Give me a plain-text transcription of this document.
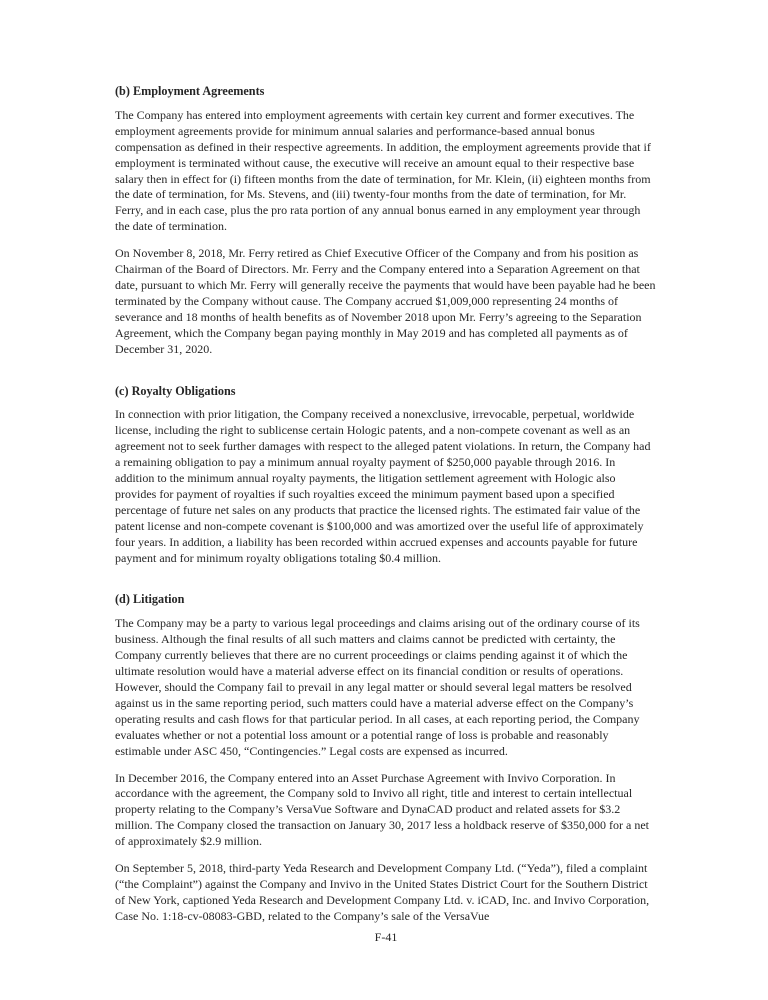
(b) Employment Agreements

The Company has entered into employment agreements with certain key current and former executives. The employment agreements provide for minimum annual salaries and performance-based annual bonus compensation as defined in their respective agreements. In addition, the employment agreements provide that if employment is terminated without cause, the executive will receive an amount equal to their respective base salary then in effect for (i) fifteen months from the date of termination, for Mr. Klein, (ii) eighteen months from the date of termination, for Ms. Stevens, and (iii) twenty-four months from the date of termination, for Mr. Ferry, and in each case, plus the pro rata portion of any annual bonus earned in any employment year through the date of termination.

On November 8, 2018, Mr. Ferry retired as Chief Executive Officer of the Company and from his position as Chairman of the Board of Directors. Mr. Ferry and the Company entered into a Separation Agreement on that date, pursuant to which Mr. Ferry will generally receive the payments that would have been payable had he been terminated by the Company without cause. The Company accrued $1,009,000 representing 24 months of severance and 18 months of health benefits as of November 2018 upon Mr. Ferry’s agreeing to the Separation Agreement, which the Company began paying monthly in May 2019 and has completed all payments as of December 31, 2020.

(c) Royalty Obligations

In connection with prior litigation, the Company received a nonexclusive, irrevocable, perpetual, worldwide license, including the right to sublicense certain Hologic patents, and a non-compete covenant as well as an agreement not to seek further damages with respect to the alleged patent violations. In return, the Company had a remaining obligation to pay a minimum annual royalty payment of $250,000 payable through 2016. In addition to the minimum annual royalty payments, the litigation settlement agreement with Hologic also provides for payment of royalties if such royalties exceed the minimum payment based upon a specified percentage of future net sales on any products that practice the licensed rights. The estimated fair value of the patent license and non-compete covenant is $100,000 and was amortized over the useful life of approximately four years. In addition, a liability has been recorded within accrued expenses and accounts payable for future payment and for minimum royalty obligations totaling $0.4 million.

(d) Litigation

The Company may be a party to various legal proceedings and claims arising out of the ordinary course of its business. Although the final results of all such matters and claims cannot be predicted with certainty, the Company currently believes that there are no current proceedings or claims pending against it of which the ultimate resolution would have a material adverse effect on its financial condition or results of operations. However, should the Company fail to prevail in any legal matter or should several legal matters be resolved against us in the same reporting period, such matters could have a material adverse effect on the Company’s operating results and cash flows for that particular period. In all cases, at each reporting period, the Company evaluates whether or not a potential loss amount or a potential range of loss is probable and reasonably estimable under ASC 450, “Contingencies.” Legal costs are expensed as incurred.

In December 2016, the Company entered into an Asset Purchase Agreement with Invivo Corporation. In accordance with the agreement, the Company sold to Invivo all right, title and interest to certain intellectual property relating to the Company’s VersaVue Software and DynaCAD product and related assets for $3.2 million. The Company closed the transaction on January 30, 2017 less a holdback reserve of $350,000 for a net of approximately $2.9 million.

On September 5, 2018, third-party Yeda Research and Development Company Ltd. (“Yeda”), filed a complaint (“the Complaint”) against the Company and Invivo in the United States District Court for the Southern District of New York, captioned Yeda Research and Development Company Ltd. v. iCAD, Inc. and Invivo Corporation, Case No. 1:18-cv-08083-GBD, related to the Company’s sale of the VersaVue

F-41
